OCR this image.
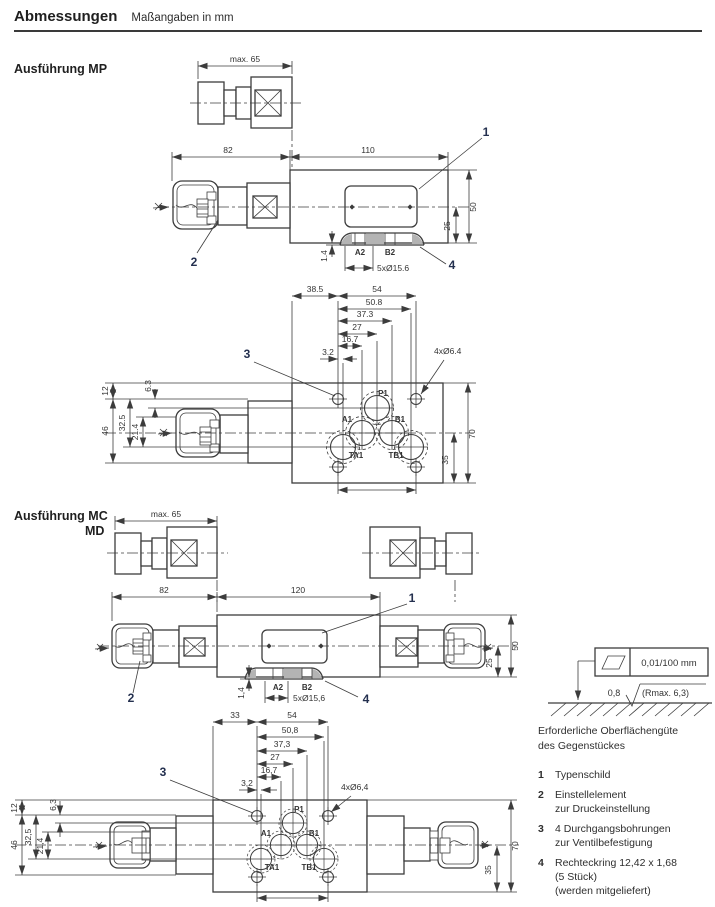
Abmessungen Maßangaben in mm
Ausführung MP
Ausführung MC
MD
max. 65
A2 B2
1.4
5xØ15.6	4
1
2
82	110
50
25
12
46 32.5
21.4
6.3
38.5	54
50.8
37.3
27
16.7
3.2
P1
A1	B1
TA1	TB1
3	4xØ6.4
70
35
max. 65
A2 B2
1,4	5xØ15,6	4
1
2
82	120
50
25
12
46 32,5
21,4
6,3
33	54
50,8
37,3
27
16,7
3,2
P1
A1	B1
TA1	TB1
3
4xØ6,4
70
35
0,01/100 mm
0,8 (Rmax. 6,3)
Erforderliche Oberflächengüte
des Gegenstückes
1	Typenschild
2	Einstellelement
zur Druckeinstellung
3	4 Durchgangsbohrungen
zur Ventilbefestigung
4	Rechteckring 12,42 x 1,68
(5 Stück)
(werden mitgeliefert)
